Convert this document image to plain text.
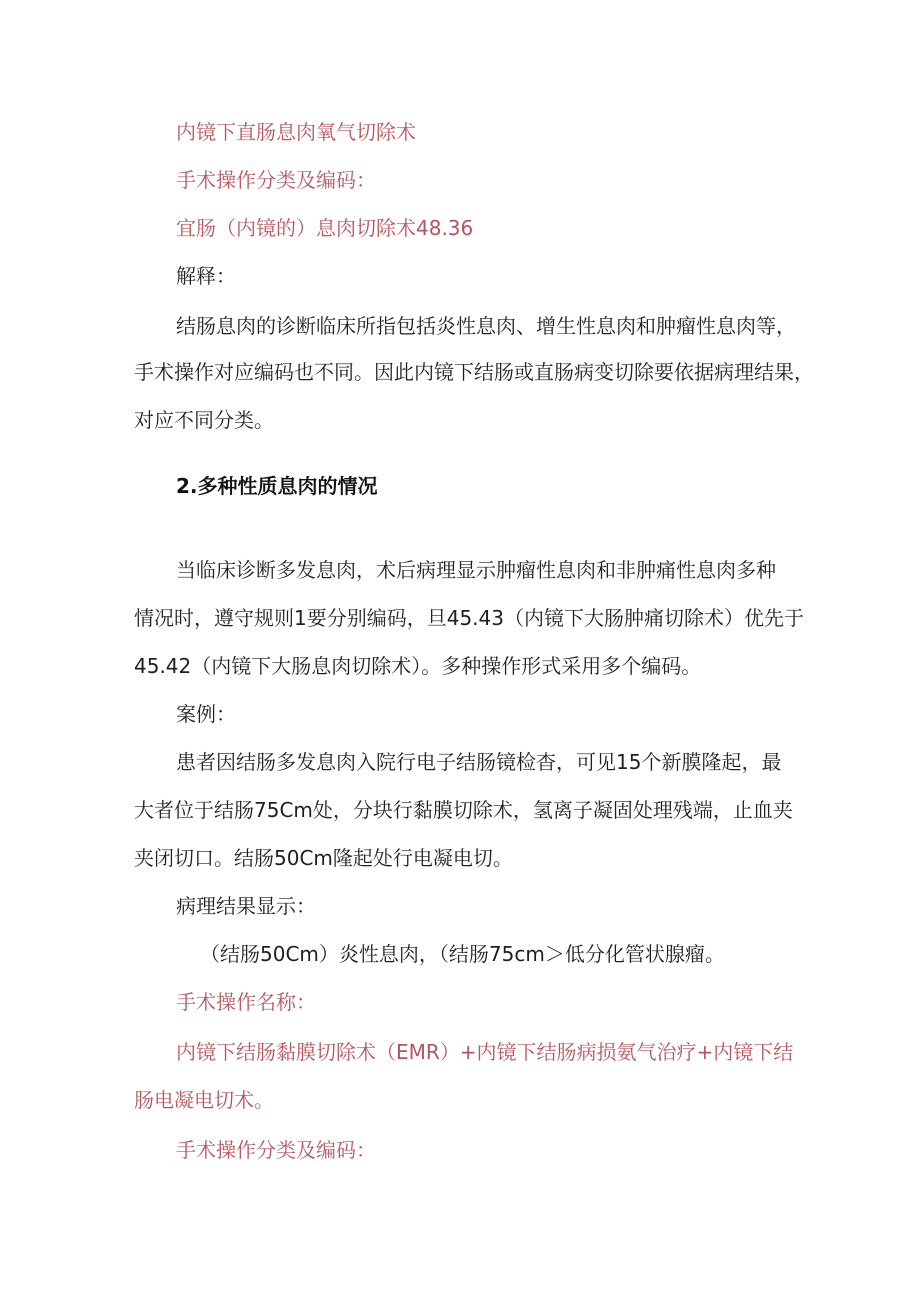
内镜下直肠息肉氧气切除术
手术操作分类及编码：
宜肠（内镜的）息肉切除术48.36
解释：
结肠息肉的诊断临床所指包括炎性息肉、增生性息肉和肿瘤性息肉等，
手术操作对应编码也不同。因此内镜下结肠或直肠病变切除要依据病理结果，
对应不同分类。
2.多种性质息肉的情况
当临床诊断多发息肉，术后病理显示肿瘤性息肉和非肿痛性息肉多种
情况时，遵守规则1要分别编码，旦45.43（内镜下大肠肿痛切除术）优先于
45.42（内镜下大肠息肉切除术）。多种操作形式采用多个编码。
案例：
患者因结肠多发息肉入院行电子结肠镜检杳，可见15个新膜隆起，最
大者位于结肠75Cm处，分块行黏膜切除术，氢离子凝固处理残端，止血夹
夹闭切口。结肠50Cm隆起处行电凝电切。
病理结果显示：
（结肠50Cm）炎性息肉，（结肠75cm＞低分化管状腺瘤。
手术操作名称：
内镜下结肠黏膜切除术（EMR）+内镜下结肠病损氨气治疗+内镜下结
肠电凝电切术。
手术操作分类及编码：
